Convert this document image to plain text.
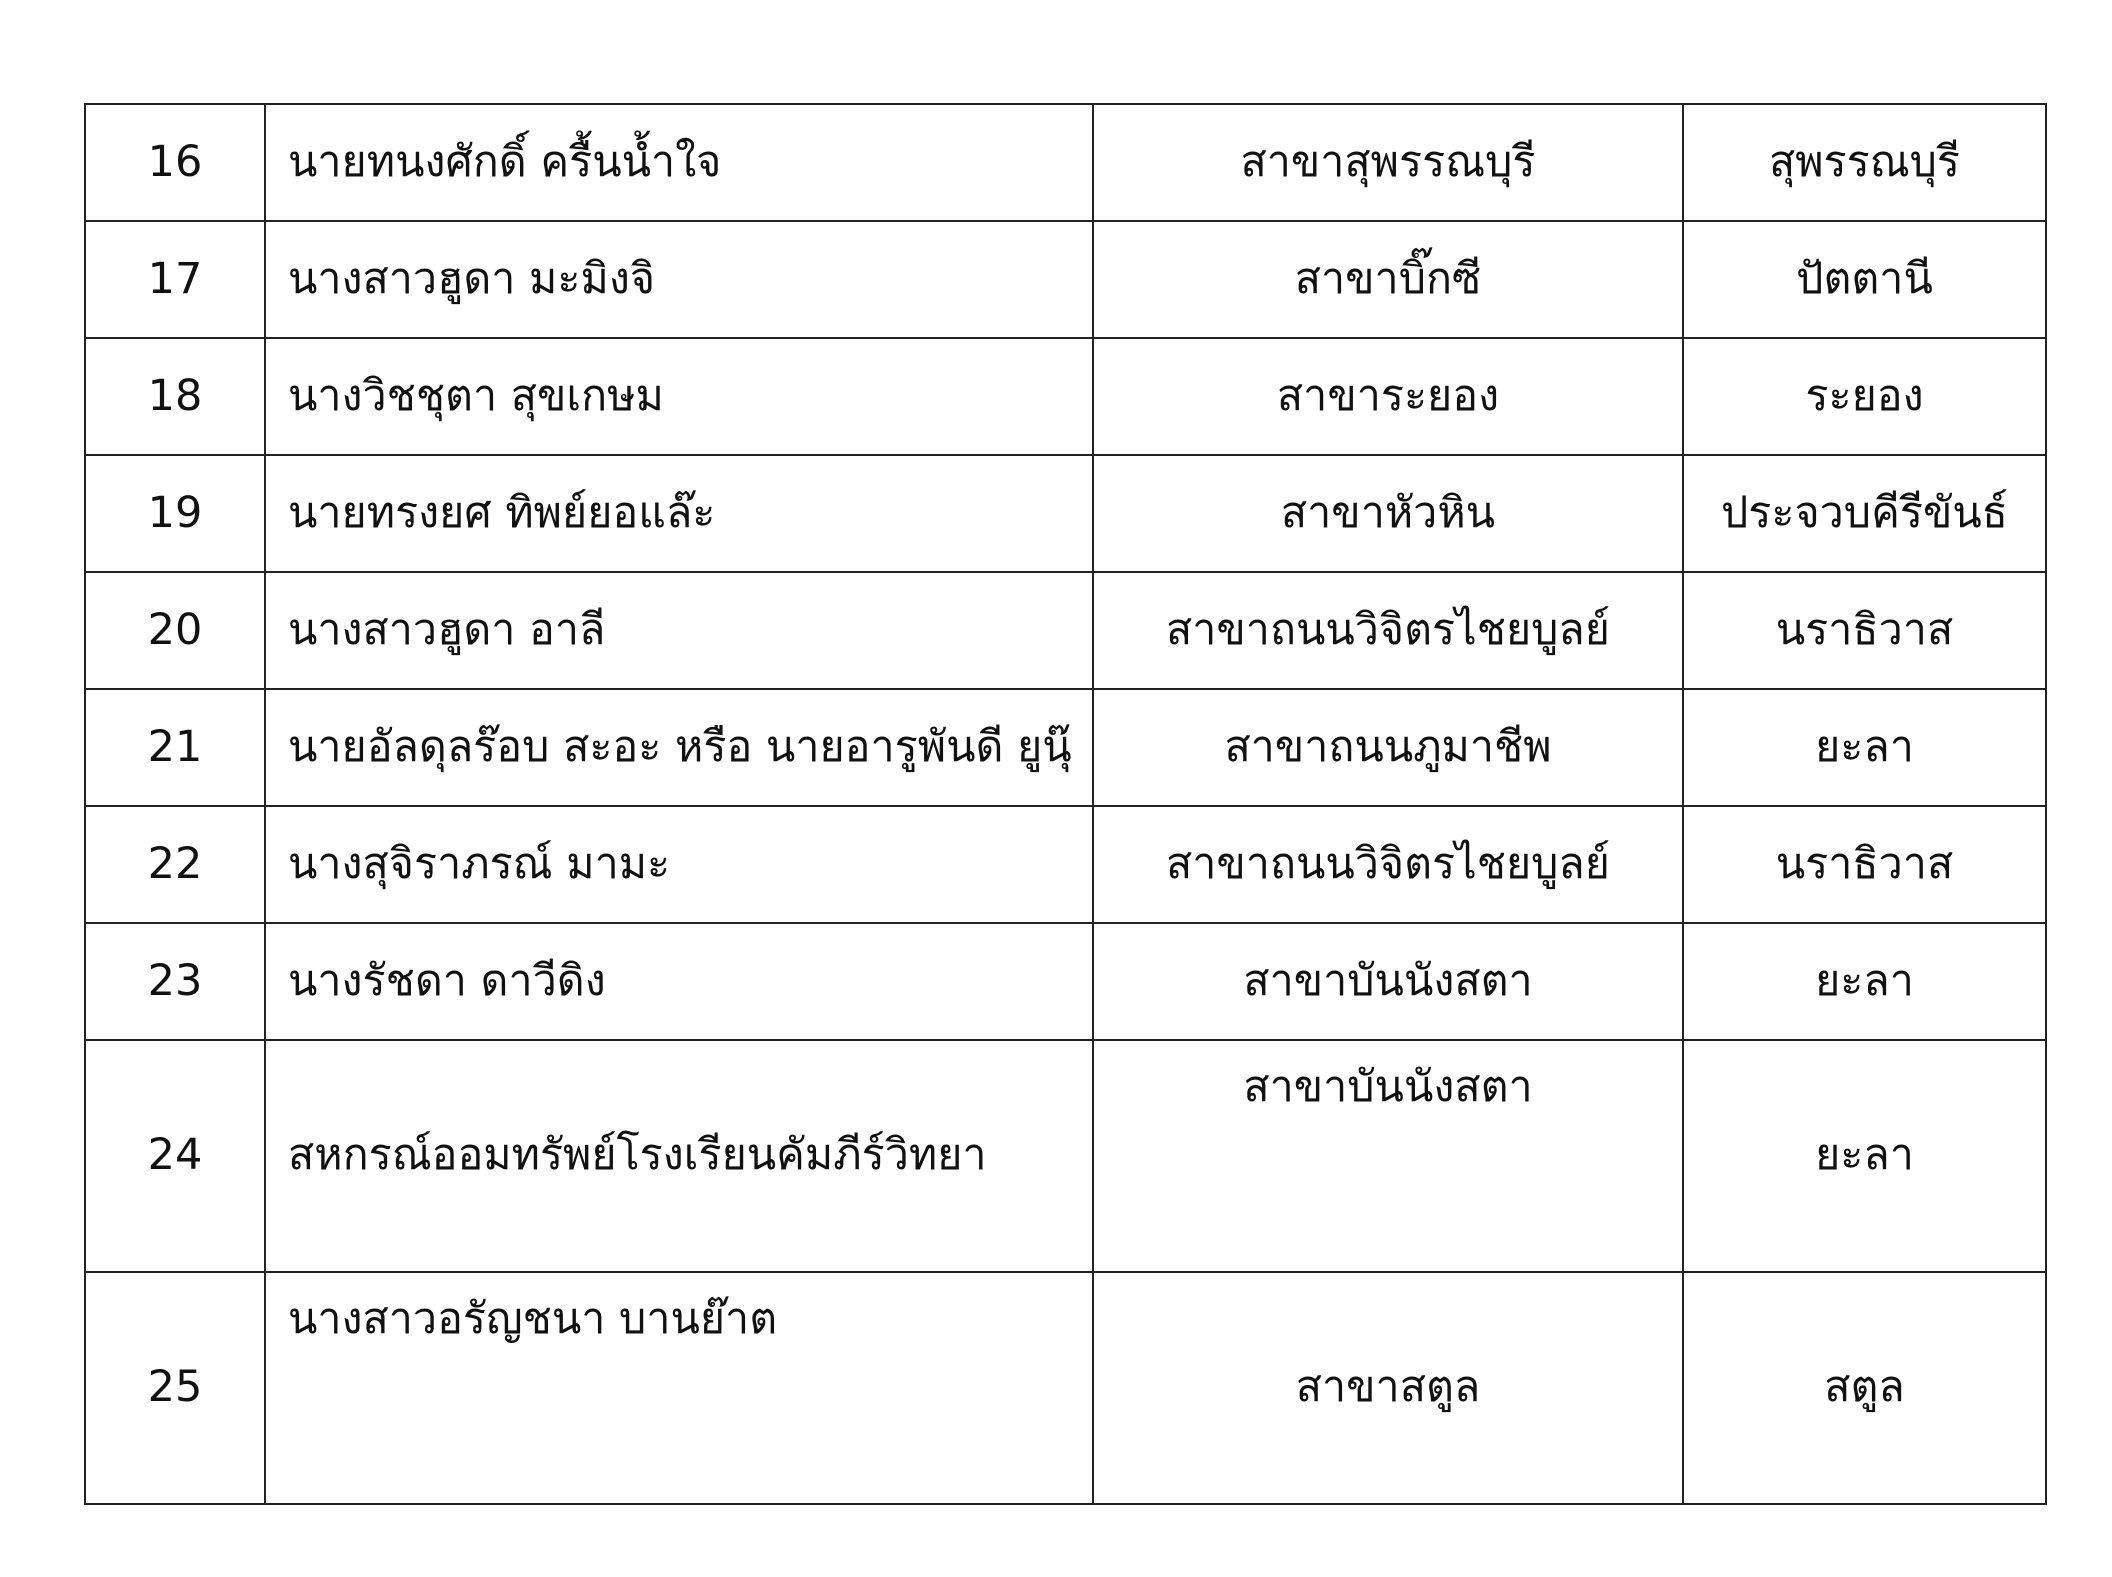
16	นายทนงศักดิ์ ครื้นน้ำใจ	สาขาสุพรรณบุรี	สุพรรณบุรี
17	นางสาวฮูดา มะมิงจิ	สาขาบิ๊กซี	ปัตตานี
18	นางวิชชุตา สุขเกษม	สาขาระยอง	ระยอง
19	นายทรงยศ ทิพย์ยอแล๊ะ	สาขาหัวหิน	ประจวบคีรีขันธ์
20	นางสาวฮูดา อาลี	สาขาถนนวิจิตรไชยบูลย์	นราธิวาส
21	นายอัลดุลร๊อบ สะอะ หรือ นายอารูพันดี ยูนุ๊	สาขาถนนภูมาชีพ	ยะลา
22	นางสุจิราภรณ์ มามะ	สาขาถนนวิจิตรไชยบูลย์	นราธิวาส
23	นางรัชดา ดาวีดิง	สาขาบันนังสตา	ยะลา
24	สหกรณ์ออมทรัพย์โรงเรียนคัมภีร์วิทยา	สาขาบันนังสตา	ยะลา
25	นางสาวอรัญชนา บานย๊าต	สาขาสตูล	สตูล
